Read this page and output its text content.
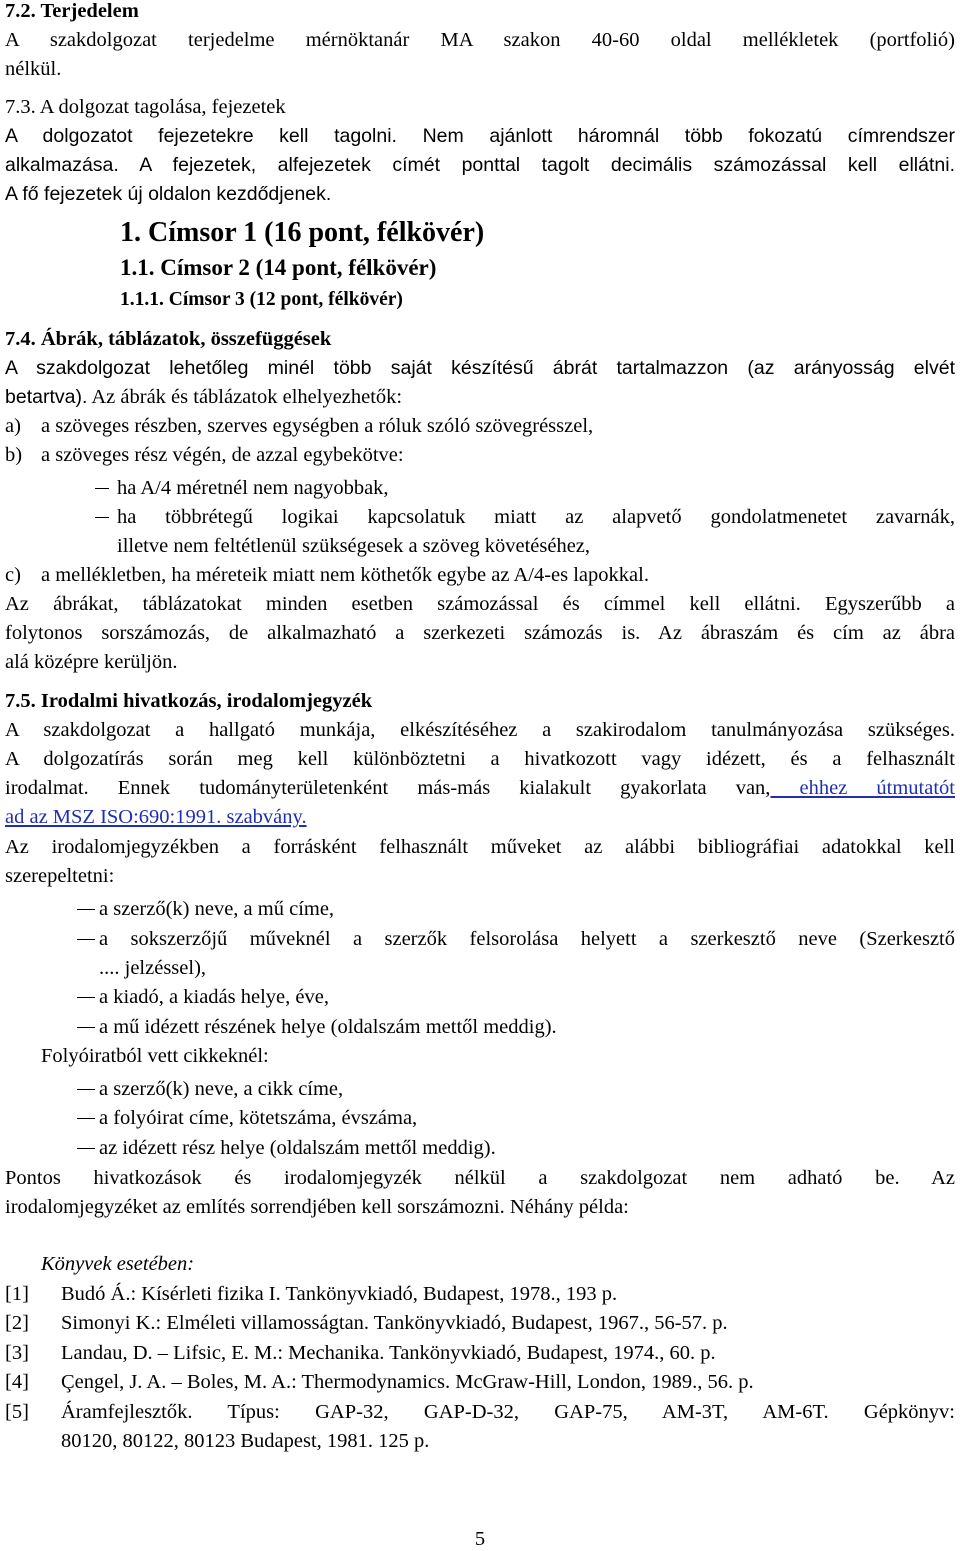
7.2. Terjedelem
A szakdolgozat terjedelme mérnöktanár MA szakon 40-60 oldal mellékletek (portfolió)
nélkül.
7.3. A dolgozat tagolása, fejezetek
A dolgozatot fejezetekre kell tagolni. Nem ajánlott háromnál több fokozatú címrendszer
alkalmazása. A fejezetek, alfejezetek címét ponttal tagolt decimális számozással kell ellátni.
A fő fejezetek új oldalon kezdődjenek.
1. Címsor 1 (16 pont, félkövér)
1.1. Címsor 2 (14 pont, félkövér)
1.1.1. Címsor 3 (12 pont, félkövér)
7.4. Ábrák, táblázatok, összefüggések
A szakdolgozat lehetőleg minél több saját készítésű ábrát tartalmazzon (az arányosság elvét
betartva). Az ábrák és táblázatok elhelyezhetők:
a) a szöveges részben, szerves egységben a róluk szóló szövegrésszel,
b) a szöveges rész végén, de azzal egybekötve:
ha A/4 méretnél nem nagyobbak,
ha többrétegű logikai kapcsolatuk miatt az alapvető gondolatmenetet zavarnák,
illetve nem feltétlenül szükségesek a szöveg követéséhez,
c) a mellékletben, ha méreteik miatt nem köthetők egybe az A/4-es lapokkal.
Az ábrákat, táblázatokat minden esetben számozással és címmel kell ellátni. Egyszerűbb a
folytonos sorszámozás, de alkalmazható a szerkezeti számozás is. Az ábraszám és cím az ábra
alá középre kerüljön.
7.5. Irodalmi hivatkozás, irodalomjegyzék
A szakdolgozat a hallgató munkája, elkészítéséhez a szakirodalom tanulmányozása szükséges.
A dolgozatírás során meg kell különböztetni a hivatkozott vagy idézett, és a felhasznált
irodalmat. Ennek tudományterületenként más-más kialakult gyakorlata van, ehhez útmutatót
ad az MSZ ISO:690:1991. szabvány.
Az irodalomjegyzékben a forrásként felhasznált műveket az alábbi bibliográfiai adatokkal kell
szerepeltetni:
a szerző(k) neve, a mű címe,
a sokszerzőjű műveknél a szerzők felsorolása helyett a szerkesztő neve (Szerkesztő
.... jelzéssel),
a kiadó, a kiadás helye, éve,
a mű idézett részének helye (oldalszám mettől meddig).
Folyóiratból vett cikkeknél:
a szerző(k) neve, a cikk címe,
a folyóirat címe, kötetszáma, évszáma,
az idézett rész helye (oldalszám mettől meddig).
Pontos hivatkozások és irodalomjegyzék nélkül a szakdolgozat nem adható be. Az
irodalomjegyzéket az említés sorrendjében kell sorszámozni. Néhány példa:
Könyvek esetében:
[1] Budó Á.: Kísérleti fizika I. Tankönyvkiadó, Budapest, 1978., 193 p.
[2] Simonyi K.: Elméleti villamosságtan. Tankönyvkiadó, Budapest, 1967., 56-57. p.
[3] Landau, D. – Lifsic, E. M.: Mechanika. Tankönyvkiadó, Budapest, 1974., 60. p.
[4] Çengel, J. A. – Boles, M. A.: Thermodynamics. McGraw-Hill, London, 1989., 56. p.
[5] Áramfejlesztők. Típus: GAP-32, GAP-D-32, GAP-75, AM-3T, AM-6T. Gépkönyv:
80120, 80122, 80123 Budapest, 1981. 125 p.
5
